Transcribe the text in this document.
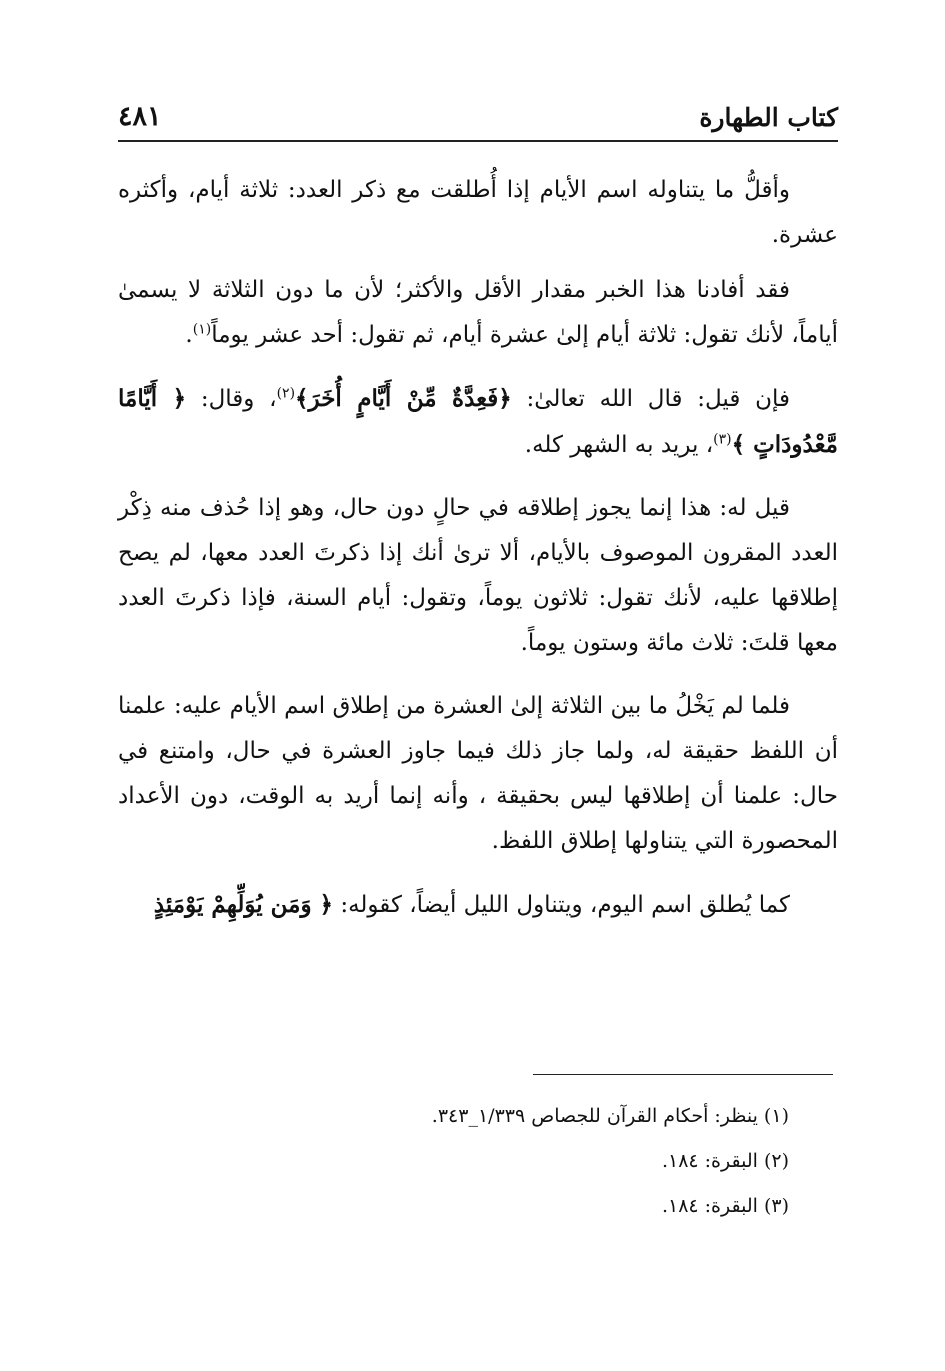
كتاب الطهارة
٤٨١

وأقلُّ ما يتناوله اسم الأيام إذا أُطلقت مع ذكر العدد: ثلاثة أيام، وأكثره عشرة.

فقد أفادنا هذا الخبر مقدار الأقل والأكثر؛ لأن ما دون الثلاثة لا يسمىٰ أياماً، لأنك تقول: ثلاثة أيام إلىٰ عشرة أيام، ثم تقول: أحد عشر يوماً$^{(١)}$.

فإن قيل: قال الله تعالىٰ: ﴿فَعِدَّةٌ مِّنْ أَيَّامٍ أُخَرَ﴾$^{(٢)}$، وقال: ﴿ أَيَّامًا مَّعْدُودَاتٍ ﴾$^{(٣)}$، يريد به الشهر كله.

قيل له: هذا إنما يجوز إطلاقه في حالٍ دون حال، وهو إذا حُذف منه ذِكْر العدد المقرون الموصوف بالأيام، ألا ترىٰ أنك إذا ذكرتَ العدد معها، لم يصح إطلاقها عليه، لأنك تقول: ثلاثون يوماً، وتقول: أيام السنة، فإذا ذكرتَ العدد معها قلتَ: ثلاث مائة وستون يوماً.

فلما لم يَخْلُ ما بين الثلاثة إلىٰ العشرة من إطلاق اسم الأيام عليه: علمنا أن اللفظ حقيقة له، ولما جاز ذلك فيما جاوز العشرة في حال، وامتنع في حال: علمنا أن إطلاقها ليس بحقيقة ، وأنه إنما أريد به الوقت، دون الأعداد المحصورة التي يتناولها إطلاق اللفظ.

كما يُطلق اسم اليوم، ويتناول الليل أيضاً، كقوله: ﴿ وَمَن يُوَلِّهِمْ يَوْمَئِذٍ

(١) ينظر: أحكام القرآن للجصاص ١/٣٣٩_٣٤٣.

(٢) البقرة: ١٨٤.

(٣) البقرة: ١٨٤.
